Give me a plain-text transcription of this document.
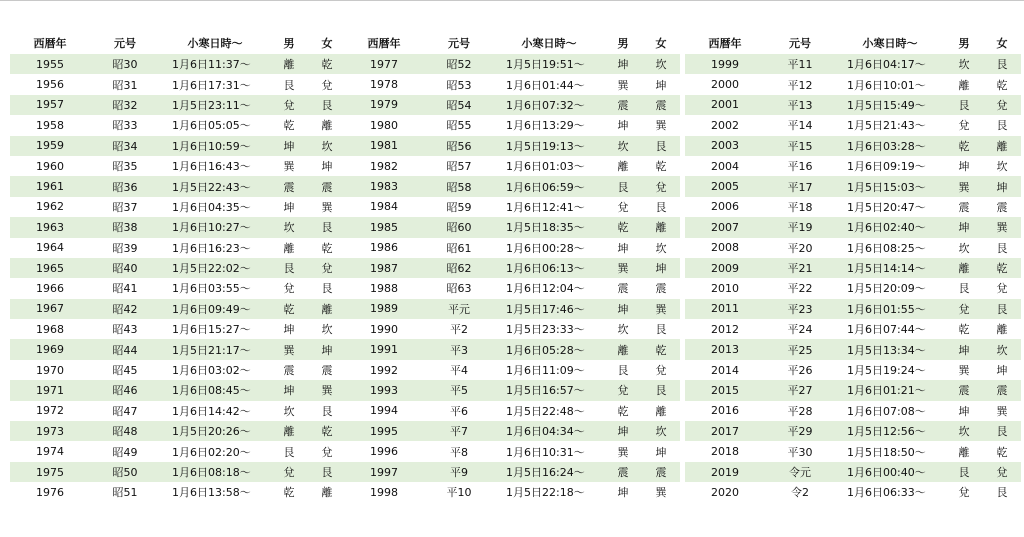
西暦年	元号	小寒日時〜	男	女
1955	昭30	1月6日11:37〜	離	乾
1956	昭31	1月6日17:31〜	艮	兌
1957	昭32	1月5日23:11〜	兌	艮
1958	昭33	1月6日05:05〜	乾	離
1959	昭34	1月6日10:59〜	坤	坎
1960	昭35	1月6日16:43〜	巽	坤
1961	昭36	1月5日22:43〜	震	震
1962	昭37	1月6日04:35〜	坤	巽
1963	昭38	1月6日10:27〜	坎	艮
1964	昭39	1月6日16:23〜	離	乾
1965	昭40	1月5日22:02〜	艮	兌
1966	昭41	1月6日03:55〜	兌	艮
1967	昭42	1月6日09:49〜	乾	離
1968	昭43	1月6日15:27〜	坤	坎
1969	昭44	1月5日21:17〜	巽	坤
1970	昭45	1月6日03:02〜	震	震
1971	昭46	1月6日08:45〜	坤	巽
1972	昭47	1月6日14:42〜	坎	艮
1973	昭48	1月5日20:26〜	離	乾
1974	昭49	1月6日02:20〜	艮	兌
1975	昭50	1月6日08:18〜	兌	艮
1976	昭51	1月6日13:58〜	乾	離
西暦年	元号	小寒日時〜	男	女
1977	昭52	1月5日19:51〜	坤	坎
1978	昭53	1月6日01:44〜	巽	坤
1979	昭54	1月6日07:32〜	震	震
1980	昭55	1月6日13:29〜	坤	巽
1981	昭56	1月5日19:13〜	坎	艮
1982	昭57	1月6日01:03〜	離	乾
1983	昭58	1月6日06:59〜	艮	兌
1984	昭59	1月6日12:41〜	兌	艮
1985	昭60	1月5日18:35〜	乾	離
1986	昭61	1月6日00:28〜	坤	坎
1987	昭62	1月6日06:13〜	巽	坤
1988	昭63	1月6日12:04〜	震	震
1989	平元	1月5日17:46〜	坤	巽
1990	平2	1月5日23:33〜	坎	艮
1991	平3	1月6日05:28〜	離	乾
1992	平4	1月6日11:09〜	艮	兌
1993	平5	1月5日16:57〜	兌	艮
1994	平6	1月5日22:48〜	乾	離
1995	平7	1月6日04:34〜	坤	坎
1996	平8	1月6日10:31〜	巽	坤
1997	平9	1月5日16:24〜	震	震
1998	平10	1月5日22:18〜	坤	巽
西暦年	元号	小寒日時〜	男	女
1999	平11	1月6日04:17〜	坎	艮
2000	平12	1月6日10:01〜	離	乾
2001	平13	1月5日15:49〜	艮	兌
2002	平14	1月5日21:43〜	兌	艮
2003	平15	1月6日03:28〜	乾	離
2004	平16	1月6日09:19〜	坤	坎
2005	平17	1月5日15:03〜	巽	坤
2006	平18	1月5日20:47〜	震	震
2007	平19	1月6日02:40〜	坤	巽
2008	平20	1月6日08:25〜	坎	艮
2009	平21	1月5日14:14〜	離	乾
2010	平22	1月5日20:09〜	艮	兌
2011	平23	1月6日01:55〜	兌	艮
2012	平24	1月6日07:44〜	乾	離
2013	平25	1月5日13:34〜	坤	坎
2014	平26	1月5日19:24〜	巽	坤
2015	平27	1月6日01:21〜	震	震
2016	平28	1月6日07:08〜	坤	巽
2017	平29	1月5日12:56〜	坎	艮
2018	平30	1月5日18:50〜	離	乾
2019	令元	1月6日00:40〜	艮	兌
2020	令2	1月6日06:33〜	兌	艮
